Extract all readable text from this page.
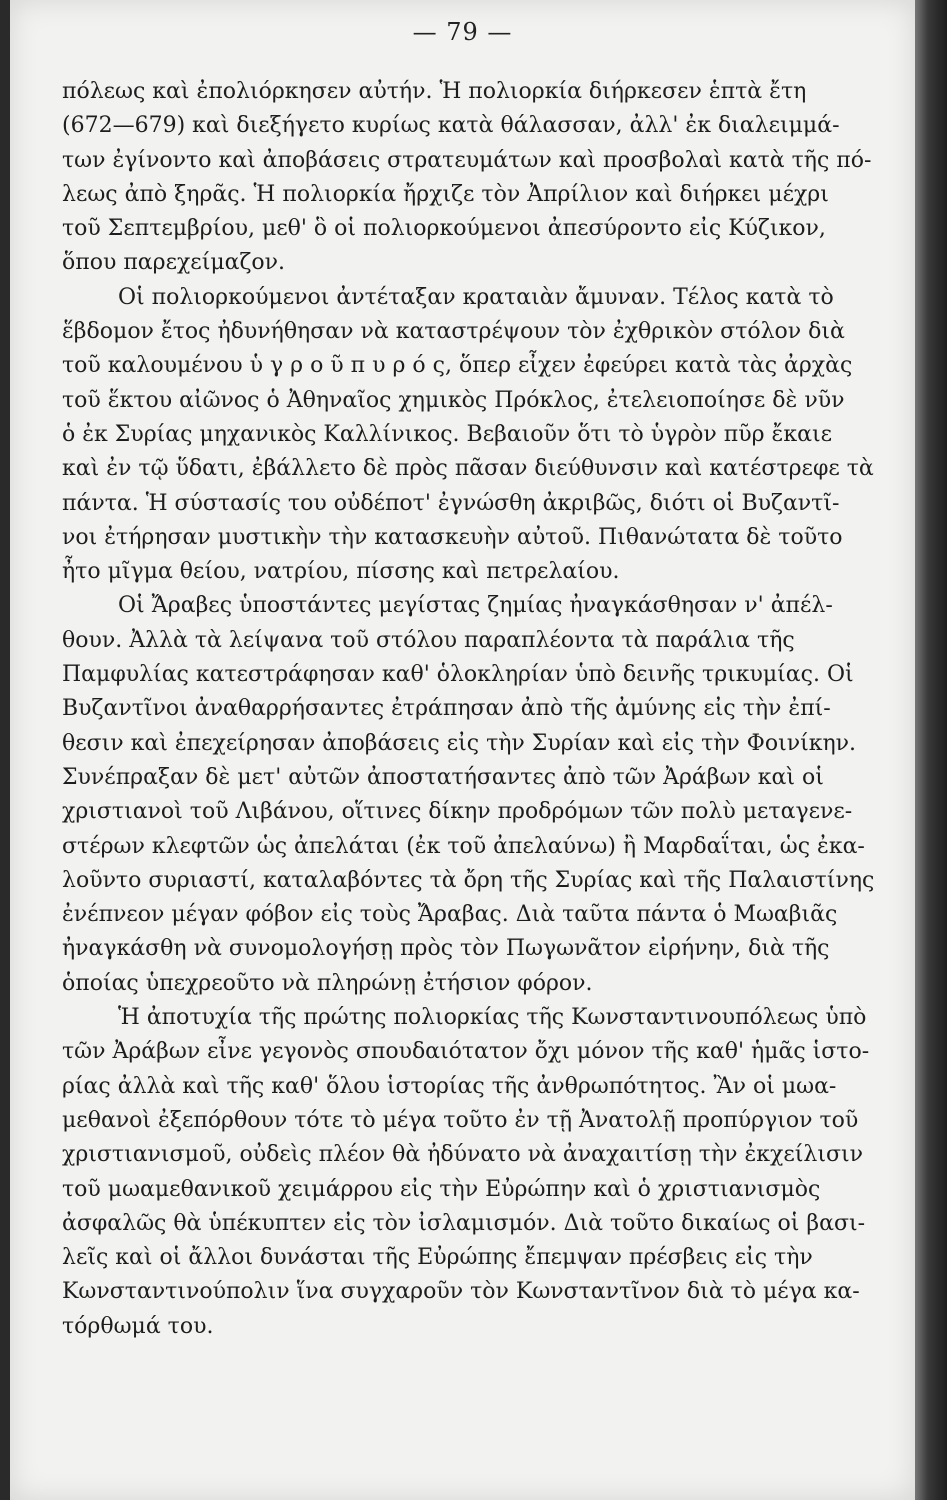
— 79 —
πόλεως καὶ ἐπολιόρκησεν αὐτήν. Ἡ πολιορκία διήρκεσεν ἑπτὰ ἔτη
(672—679) καὶ διεξήγετο κυρίως κατὰ θάλασσαν, ἀλλ' ἐκ διαλειμμά-
των ἐγίνοντο καὶ ἀποβάσεις στρατευμάτων καὶ προσβολαὶ κατὰ τῆς πό-
λεως ἀπὸ ξηρᾶς. Ἡ πολιορκία ἤρχιζε τὸν Ἀπρίλιον καὶ διήρκει μέχρι
τοῦ Σεπτεμβρίου, μεθ' ὃ οἱ πολιορκούμενοι ἀπεσύροντο εἰς Κύζικον,
ὅπου παρεχείμαζον.
Οἱ πολιορκούμενοι ἀντέταξαν κραταιὰν ἄμυναν. Τέλος κατὰ τὸ
ἕβδομον ἔτος ἠδυνήθησαν νὰ καταστρέψουν τὸν ἐχθρικὸν στόλον διὰ
τοῦ καλουμένου ὑ γ ρ ο ῦ π υ ρ ό ς, ὅπερ εἶχεν ἐφεύρει κατὰ τὰς ἀρχὰς
τοῦ ἕκτου αἰῶνος ὁ Ἀθηναῖος χημικὸς Πρόκλος, ἐτελειοποίησε δὲ νῦν
ὁ ἐκ Συρίας μηχανικὸς Καλλίνικος. Βεβαιοῦν ὅτι τὸ ὑγρὸν πῦρ ἔκαιε
καὶ ἐν τῷ ὕδατι, ἐβάλλετο δὲ πρὸς πᾶσαν διεύθυνσιν καὶ κατέστρεφε τὰ
πάντα. Ἡ σύστασίς του οὐδέποτ' ἐγνώσθη ἀκριβῶς, διότι οἱ Βυζαντῖ-
νοι ἐτήρησαν μυστικὴν τὴν κατασκευὴν αὐτοῦ. Πιθανώτατα δὲ τοῦτο
ἦτο μῖγμα θείου, νατρίου, πίσσης καὶ πετρελαίου.
Οἱ Ἄραβες ὑποστάντες μεγίστας ζημίας ἠναγκάσθησαν ν' ἀπέλ-
θουν. Ἀλλὰ τὰ λείψανα τοῦ στόλου παραπλέοντα τὰ παράλια τῆς
Παμφυλίας κατεστράφησαν καθ' ὁλοκληρίαν ὑπὸ δεινῆς τρικυμίας. Οἱ
Βυζαντῖνοι ἀναθαρρήσαντες ἐτράπησαν ἀπὸ τῆς ἀμύνης εἰς τὴν ἐπί-
θεσιν καὶ ἐπεχείρησαν ἀποβάσεις εἰς τὴν Συρίαν καὶ εἰς τὴν Φοινίκην.
Συνέπραξαν δὲ μετ' αὐτῶν ἀποστατήσαντες ἀπὸ τῶν Ἀράβων καὶ οἱ
χριστιανοὶ τοῦ Λιβάνου, οἵτινες δίκην προδρόμων τῶν πολὺ μεταγενε-
στέρων κλεφτῶν ὡς ἀπελάται (ἐκ τοῦ ἀπελαύνω) ἢ Μαρδαΐται, ὡς ἐκα-
λοῦντο συριαστί, καταλαβόντες τὰ ὄρη τῆς Συρίας καὶ τῆς Παλαιστίνης
ἐνέπνεον μέγαν φόβον εἰς τοὺς Ἄραβας. Διὰ ταῦτα πάντα ὁ Μωαβιᾶς
ἠναγκάσθη νὰ συνομολογήσῃ πρὸς τὸν Πωγωνᾶτον εἰρήνην, διὰ τῆς
ὁποίας ὑπεχρεοῦτο νὰ πληρώνῃ ἐτήσιον φόρον.
Ἡ ἀποτυχία τῆς πρώτης πολιορκίας τῆς Κωνσταντινουπόλεως ὑπὸ
τῶν Ἀράβων εἶνε γεγονὸς σπουδαιότατον ὄχι μόνον τῆς καθ' ἡμᾶς ἱστο-
ρίας ἀλλὰ καὶ τῆς καθ' ὅλου ἱστορίας τῆς ἀνθρωπότητος. Ἂν οἱ μωα-
μεθανοὶ ἐξεπόρθουν τότε τὸ μέγα τοῦτο ἐν τῇ Ἀνατολῇ προπύργιον τοῦ
χριστιανισμοῦ, οὐδεὶς πλέον θὰ ἠδύνατο νὰ ἀναχαιτίσῃ τὴν ἐκχείλισιν
τοῦ μωαμεθανικοῦ χειμάρρου εἰς τὴν Εὐρώπην καὶ ὁ χριστιανισμὸς
ἀσφαλῶς θὰ ὑπέκυπτεν εἰς τὸν ἰσλαμισμόν. Διὰ τοῦτο δικαίως οἱ βασι-
λεῖς καὶ οἱ ἄλλοι δυνάσται τῆς Εὐρώπης ἔπεμψαν πρέσβεις εἰς τὴν
Κωνσταντινούπολιν ἵνα συγχαροῦν τὸν Κωνσταντῖνον διὰ τὸ μέγα κα-
τόρθωμά του.
